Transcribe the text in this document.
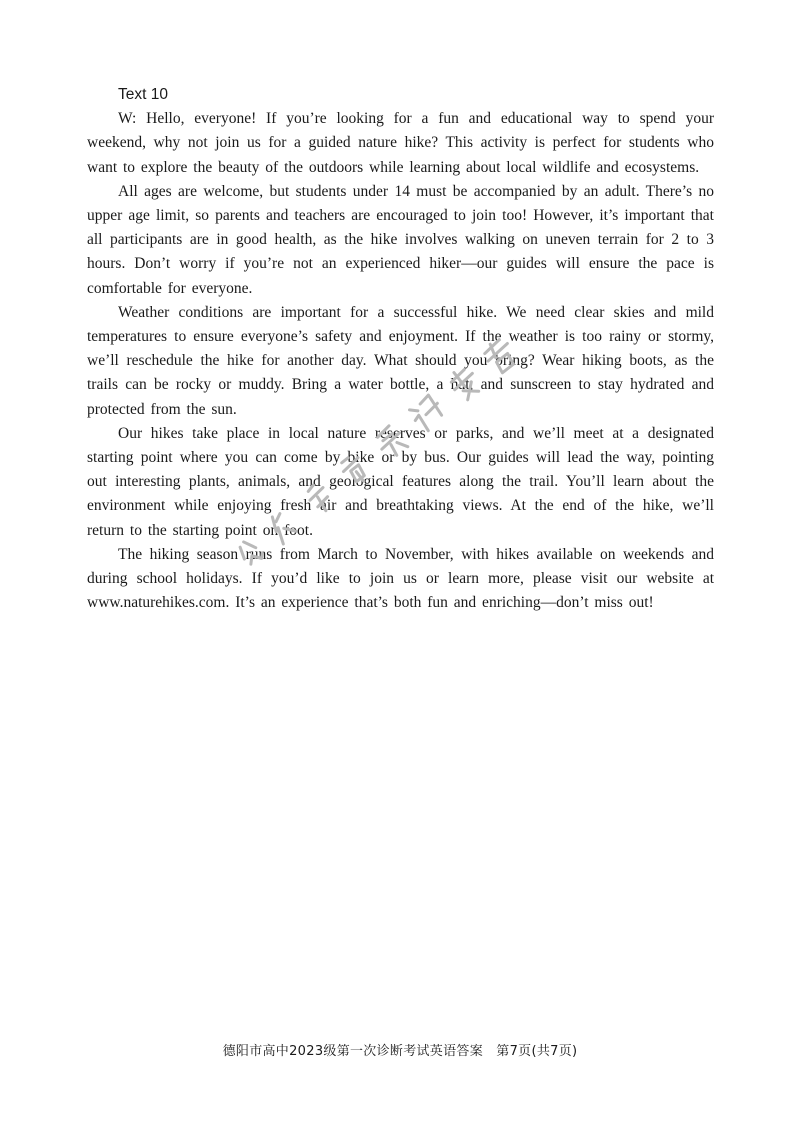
Text 10

W: Hello, everyone! If you’re looking for a fun and educational way to spend your weekend, why not join us for a guided nature hike? This activity is perfect for students who want to explore the beauty of the outdoors while learning about local wildlife and ecosystems.

All ages are welcome, but students under 14 must be accompanied by an adult. There’s no upper age limit, so parents and teachers are encouraged to join too! However, it’s important that all participants are in good health, as the hike involves walking on uneven terrain for 2 to 3 hours. Don’t worry if you’re not an experienced hiker—our guides will ensure the pace is comfortable for everyone.

Weather conditions are important for a successful hike. We need clear skies and mild temperatures to ensure everyone’s safety and enjoyment. If the weather is too rainy or stormy, we’ll reschedule the hike for another day. What should you bring? Wear hiking boots, as the trails can be rocky or muddy. Bring a water bottle, a hat, and sunscreen to stay hydrated and protected from the sun.

Our hikes take place in local nature reserves or parks, and we’ll meet at a designated starting point where you can come by bike or by bus. Our guides will lead the way, pointing out interesting plants, animals, and geological features along the trail. You’ll learn about the environment while enjoying fresh air and breathtaking views. At the end of the hike, we’ll return to the starting point on foot.

The hiking season runs from March to November, with hikes available on weekends and during school holidays. If you’d like to join us or learn more, please visit our website at www.naturehikes.com. It’s an experience that’s both fun and enriching—don’t miss out!

德阳市高中2023级第一次诊断考试英语答案　第7页(共7页)
